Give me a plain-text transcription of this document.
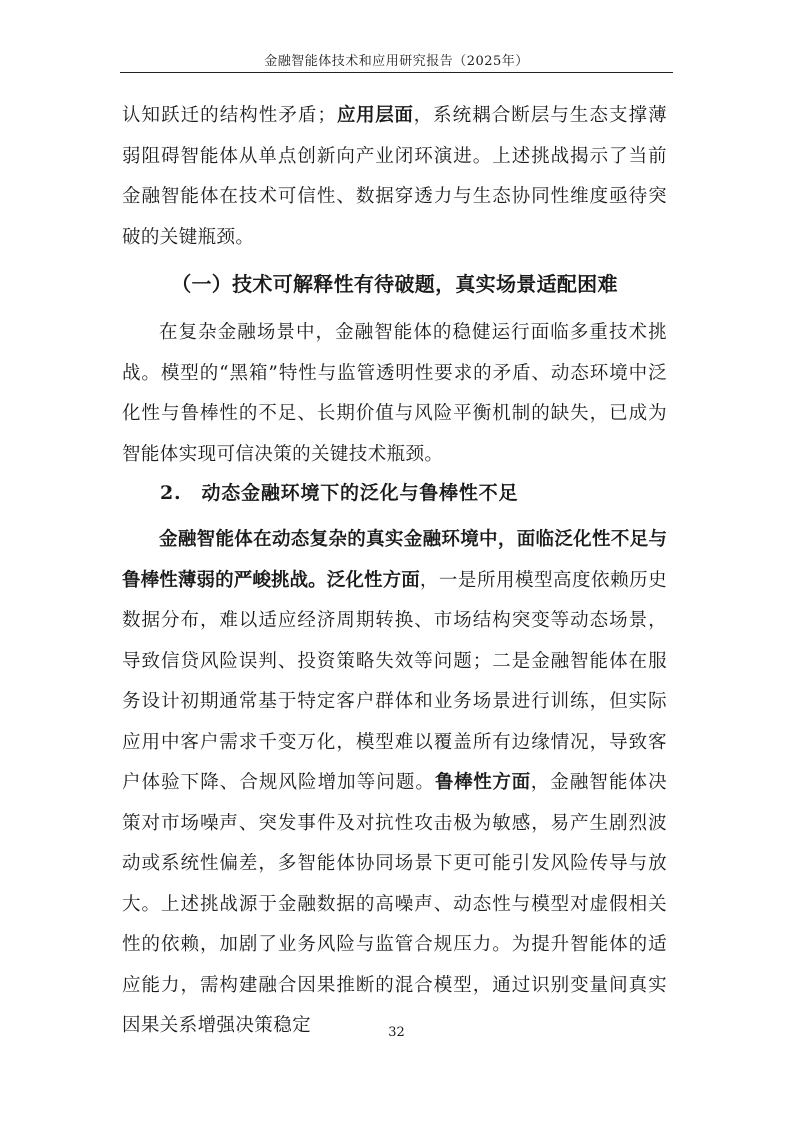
金融智能体技术和应用研究报告（2025年）

认知跃迁的结构性矛盾；应用层面，系统耦合断层与生态支撑薄弱阻碍智能体从单点创新向产业闭环演进。上述挑战揭示了当前金融智能体在技术可信性、数据穿透力与生态协同性维度亟待突破的关键瓶颈。

（一）技术可解释性有待破题，真实场景适配困难

在复杂金融场景中，金融智能体的稳健运行面临多重技术挑战。模型的“黑箱”特性与监管透明性要求的矛盾、动态环境中泛化性与鲁棒性的不足、长期价值与风险平衡机制的缺失，已成为智能体实现可信决策的关键技术瓶颈。

2. 动态金融环境下的泛化与鲁棒性不足

金融智能体在动态复杂的真实金融环境中，面临泛化性不足与鲁棒性薄弱的严峻挑战。泛化性方面，一是所用模型高度依赖历史数据分布，难以适应经济周期转换、市场结构突变等动态场景，导致信贷风险误判、投资策略失效等问题；二是金融智能体在服务设计初期通常基于特定客户群体和业务场景进行训练，但实际应用中客户需求千变万化，模型难以覆盖所有边缘情况，导致客户体验下降、合规风险增加等问题。鲁棒性方面，金融智能体决策对市场噪声、突发事件及对抗性攻击极为敏感，易产生剧烈波动或系统性偏差，多智能体协同场景下更可能引发风险传导与放大。上述挑战源于金融数据的高噪声、动态性与模型对虚假相关性的依赖，加剧了业务风险与监管合规压力。为提升智能体的适应能力，需构建融合因果推断的混合模型，通过识别变量间真实因果关系增强决策稳定	32
